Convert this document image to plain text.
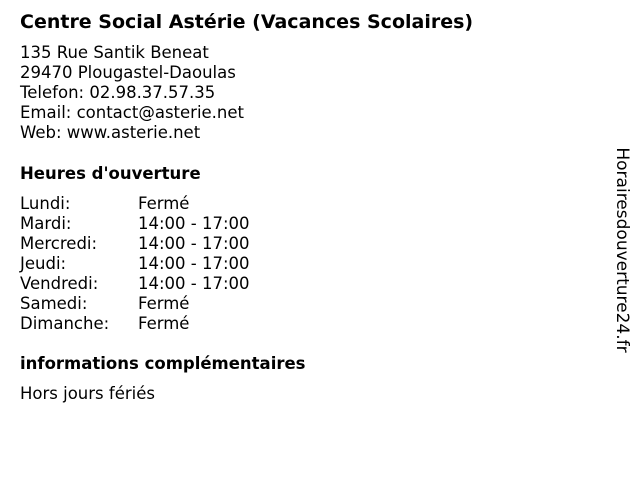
Centre Social Astérie (Vacances Scolaires)
135 Rue Santik Beneat
29470 Plougastel-Daoulas
Telefon: 02.98.37.57.35
Email: contact@asterie.net
Web: www.asterie.net
Heures d'ouverture
Lundi:	Fermé
Mardi:	14:00 - 17:00
Mercredi:	14:00 - 17:00
Jeudi:	14:00 - 17:00
Vendredi:	14:00 - 17:00
Samedi:	Fermé
Dimanche:	Fermé
informations complémentaires
Hors jours fériés
Horairesdouverture24.fr
